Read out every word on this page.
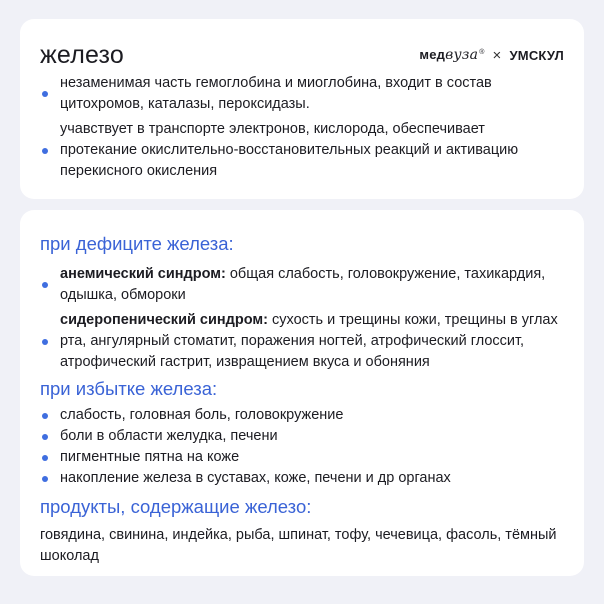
железо	медвуза® × УМСКУЛ
незаменимая часть гемоглобина и миоглобина, входит в состав цитохромов, каталазы, пероксидазы.
учавствует в транспорте электронов, кислорода, обеспечивает протекание окислительно-восстановительных реакций и активацию перекисного окисления
при дефиците железа:
анемический синдром: общая слабость, головокружение, тахикардия, одышка, обмороки
сидеропенический синдром: сухость и трещины кожи, трещины в углах рта, ангулярный стоматит, поражения ногтей, атрофический глоссит, атрофический гастрит, извращением вкуса и обоняния
при избытке железа:
слабость, головная боль, головокружение
боли в области желудка, печени
пигментные пятна на коже
накопление железа в суставах, коже, печени и др органах
продукты, содержащие железо:
говядина, свинина, индейка, рыба, шпинат, тофу, чечевица, фасоль, тёмный шоколад
